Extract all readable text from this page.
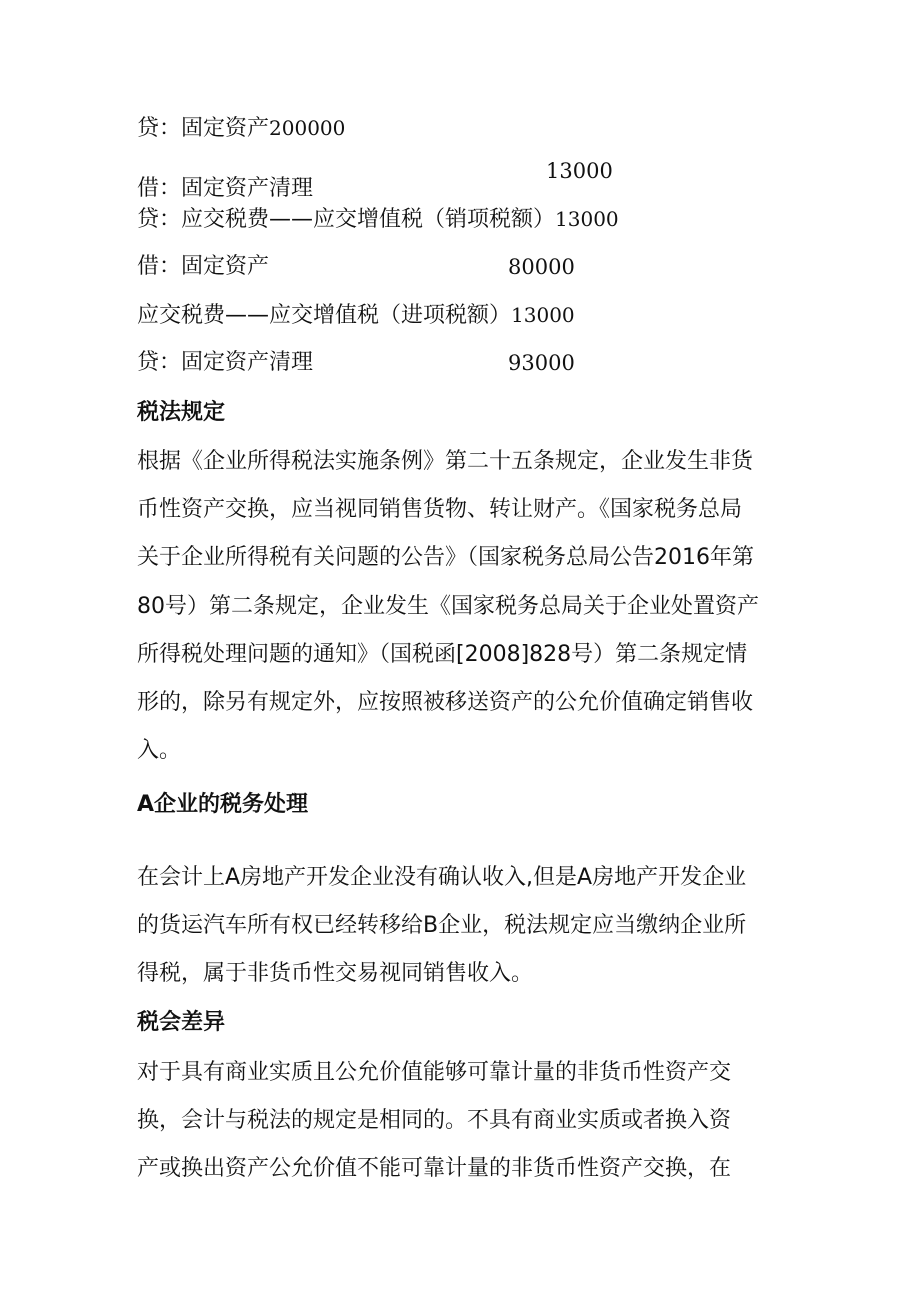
贷：固定资产200000
借：固定资产清理
13000
贷：应交税费——应交增值税（销项税额）13000
借：固定资产	80000
应交税费——应交增值税（进项税额）13000
贷：固定资产清理	93000
税法规定
根据《企业所得税法实施条例》第二十五条规定，企业发生非货
币性资产交换，应当视同销售货物、转让财产。《国家税务总局
关于企业所得税有关问题的公告》（国家税务总局公告2016年第
80号）第二条规定，企业发生《国家税务总局关于企业处置资产
所得税处理问题的通知》（国税函[2008]828号）第二条规定情
形的，除另有规定外，应按照被移送资产的公允价值确定销售收
入。
A企业的税务处理
在会计上A房地产开发企业没有确认收入,但是A房地产开发企业
的货运汽车所有权已经转移给B企业，税法规定应当缴纳企业所
得税，属于非货币性交易视同销售收入。
税会差异
对于具有商业实质且公允价值能够可靠计量的非货币性资产交
换，会计与税法的规定是相同的。不具有商业实质或者换入资
产或换出资产公允价值不能可靠计量的非货币性资产交换，在
